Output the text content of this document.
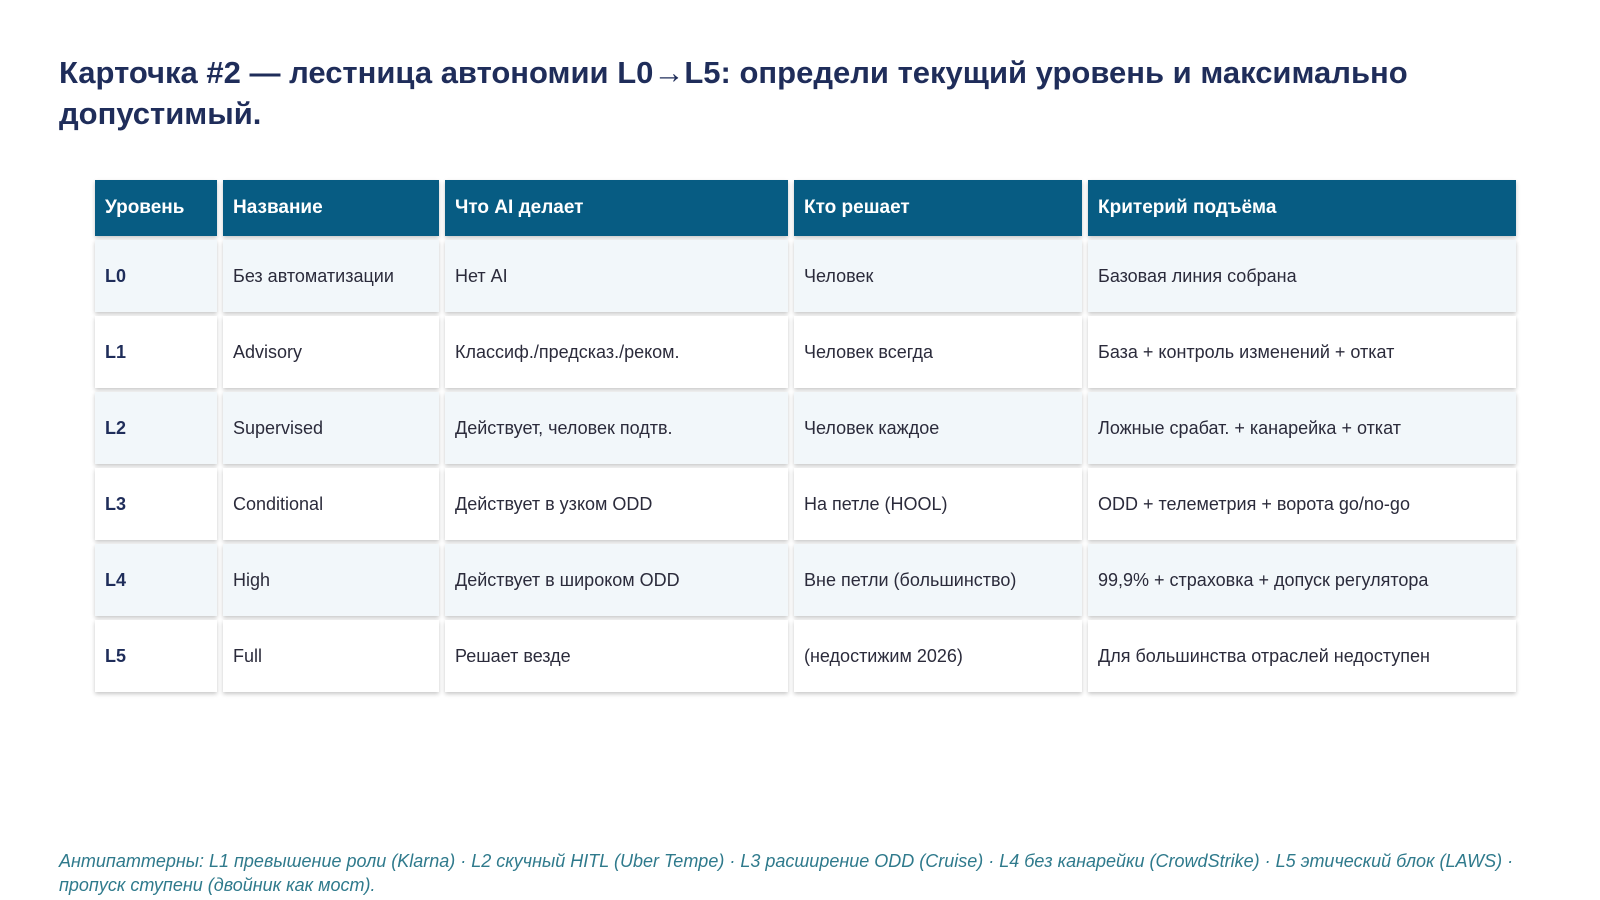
Карточка #2 — лестница автономии L0→L5: определи текущий уровень и максимально допустимый.
Уровень	Название	Что AI делает	Кто решает	Критерий подъёма
L0	Без автоматизации	Нет AI	Человек	Базовая линия собрана
L1	Advisory	Классиф./предсказ./реком.	Человек всегда	База + контроль изменений + откат
L2	Supervised	Действует, человек подтв.	Человек каждое	Ложные срабат. + канарейка + откат
L3	Conditional	Действует в узком ODD	На петле (HOOL)	ODD + телеметрия + ворота go/no-go
L4	High	Действует в широком ODD	Вне петли (большинство)	99,9% + страховка + допуск регулятора
L5	Full	Решает везде	(недостижим 2026)	Для большинства отраслей недоступен

Антипаттерны: L1 превышение роли (Klarna) · L2 скучный HITL (Uber Tempe) · L3 расширение ODD (Cruise) · L4 без канарейки (CrowdStrike) · L5 этический блок (LAWS) · пропуск ступени (двойник как мост).
